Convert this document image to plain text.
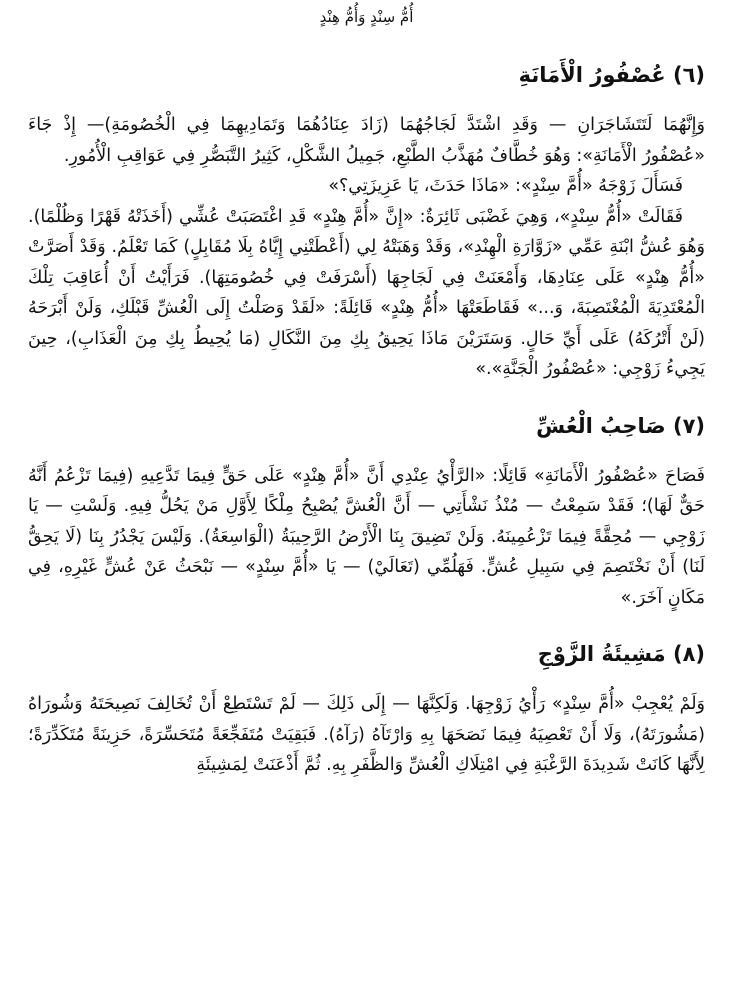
أُمُّ سِنْدٍ وَأُمُّ هِنْدٍ
(٦) عُصْفُورُ الْأَمَانَةِ

وَإِنَّهُمَا لَتَتَشَاجَرَانِ — وَقَدِ اشْتَدَّ لَجَاجُهُمَا (زَادَ عِنَادُهُمَا وَتَمَادِيهِمَا فِي الْخُصُومَةِ)— إِذْ جَاءَ «عُصْفُورُ الْأَمَانَةِ»: وَهُوَ خُطَّافٌ مُهَذَّبُ الطَّبْعِ، جَمِيلُ الشَّكْلِ، كَثِيرُ التَّبَصُّرِ فِي عَوَاقِبِ الْأُمُورِ.

فَسَأَلَ زَوْجَهُ «أُمَّ سِنْدٍ»: «مَاذَا حَدَثَ، يَا عَزِيزَتِي؟»

فَقَالَتْ «أُمُّ سِنْدٍ»، وَهِيَ غَضْبَى ثَائِرَةٌ: «إِنَّ «أُمَّ هِنْدٍ» قَدِ اغْتَصَبَتْ عُشِّي (أَخَذَتْهُ قَهْرًا وَظُلْمًا). وَهُوَ عُشُّ ابْنَةِ عَمِّي «زَوَّارَةِ الْهِنْدِ»، وَقَدْ وَهَبَتْهُ لِي (أَعْطَتْنِي إِيَّاهُ بِلَا مُقَابِلٍ) كَمَا تَعْلَمُ. وَقَدْ أَصَرَّتْ «أُمُّ هِنْدٍ» عَلَى عِنَادِهَا، وَأَمْعَنَتْ فِي لَجَاجِهَا (أَسْرَفَتْ فِي خُصُومَتِهَا). فَرَأَيْتُ أَنْ أُعَاقِبَ تِلْكَ الْمُعْتَدِيَةَ الْمُغْتَصِبَةَ، وَ...» فَقَاطَعَتْهَا «أُمُّ هِنْدٍ» قَائِلَةً: «لَقَدْ وَصَلْتُ إِلَى الْعُشِّ قَبْلَكِ، وَلَنْ أَبْرَحَهُ (لَنْ أَتْرُكَهُ) عَلَى أَيِّ حَالٍ. وَسَتَرَيْنَ مَاذَا يَحِيقُ بِكِ مِنَ النَّكَالِ (مَا يُحِيطُ بِكِ مِنَ الْعَذَابِ)، حِينَ يَجِيءُ زَوْجِي: «عُصْفُورُ الْجَنَّةِ».»

(٧) صَاحِبُ الْعُشِّ

فَصَاحَ «عُصْفُورُ الْأَمَانَةِ» قَائِلًا: «الرَّأْيُ عِنْدِي أَنَّ «أُمَّ هِنْدٍ» عَلَى حَقٍّ فِيمَا تَدَّعِيهِ (فِيمَا تَزْعُمُ أَنَّهُ حَقٌّ لَهَا)؛ فَقَدْ سَمِعْتُ — مُنْذُ نَشْأَتِي — أَنَّ الْعُشَّ يُصْبِحُ مِلْكًا لِأَوَّلِ مَنْ يَحُلُّ فِيهِ. وَلَسْتِ — يَا زَوْجِي — مُحِقَّةً فِيمَا تَزْعُمِينَهُ. وَلَنْ تَضِيقَ بِنَا الْأَرْضُ الرَّحِيبَةُ (الْوَاسِعَةُ). وَلَيْسَ يَجْدُرُ بِنَا (لَا يَحِقُّ لَنَا) أَنْ نَخْتَصِمَ فِي سَبِيلِ عُشٍّ. فَهَلُمِّي (تَعَالَيْ) — يَا «أُمَّ سِنْدٍ» — نَبْحَثُ عَنْ عُشٍّ غَيْرِهِ، فِي مَكَانٍ آخَرَ.»

(٨) مَشِيئَةُ الزَّوْجِ

وَلَمْ يُعْجِبْ «أُمَّ سِنْدٍ» رَأْيُ زَوْجِهَا. وَلَكِنَّهَا — إِلَى ذَلِكَ — لَمْ تَسْتَطِعْ أَنْ تُخَالِفَ نَصِيحَتَهُ وَشُورَاهُ (مَشُورَتَهُ)، وَلَا أَنْ تَعْصِيَهُ فِيمَا نَصَحَهَا بِهِ وَارْتَآهُ (رَآهُ). فَبَقِيَتْ مُتَفَجِّعَةً مُتَحَسِّرَةً، حَزِينَةً مُتَكَدِّرَةً؛ لِأَنَّهَا كَانَتْ شَدِيدَةَ الرَّغْبَةِ فِي امْتِلَاكِ الْعُشِّ وَالظَّفَرِ بِهِ. ثُمَّ أَذْعَنَتْ لِمَشِيئَةِ
